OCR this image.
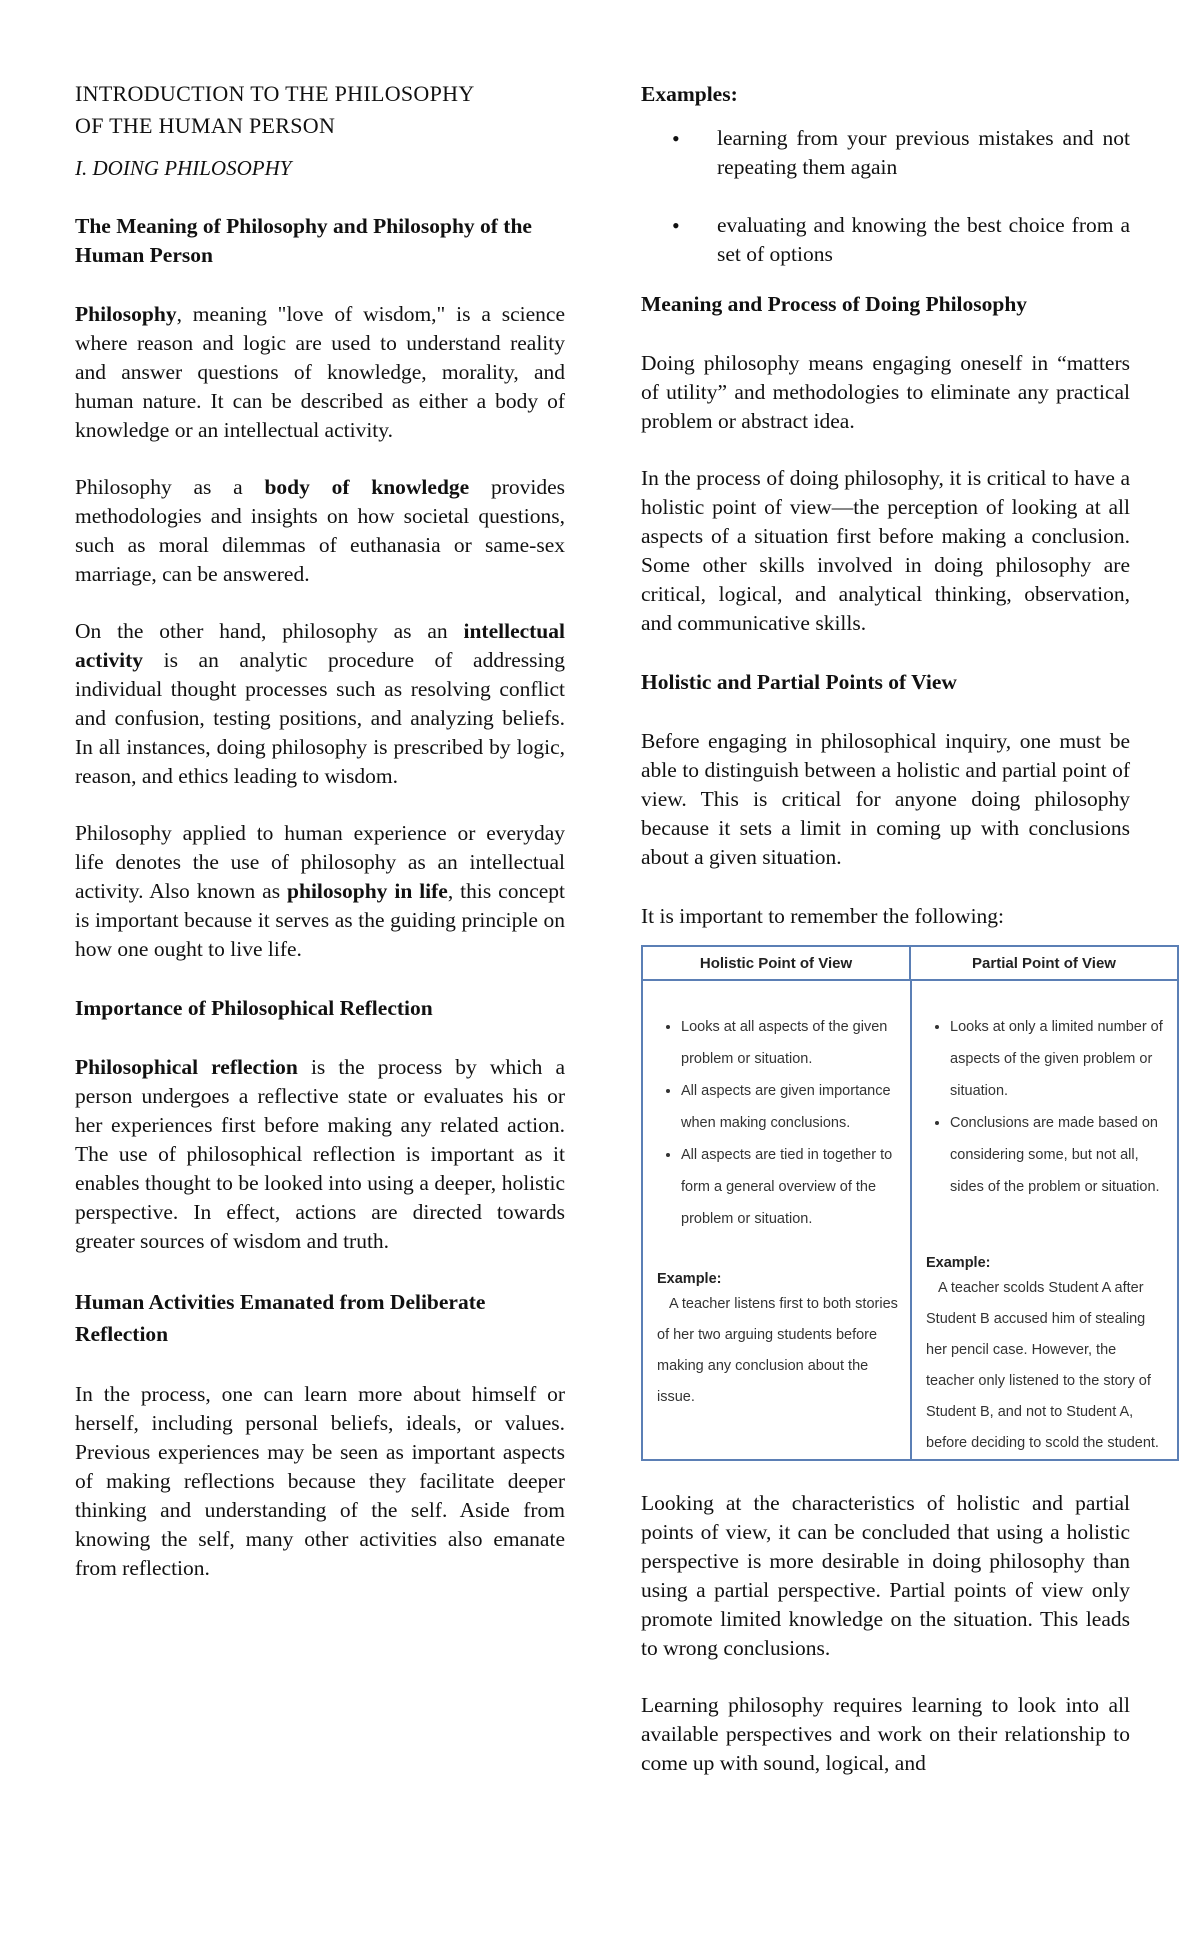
INTRODUCTION TO THE PHILOSOPHY
OF THE HUMAN PERSON
I. DOING PHILOSOPHY
The Meaning of Philosophy and Philosophy of the Human Person

Philosophy, meaning "love of wisdom," is a science where reason and logic are used to understand reality and answer questions of knowledge, morality, and human nature. It can be described as either a body of knowledge or an intellectual activity.

Philosophy as a body of knowledge provides methodologies and insights on how societal questions, such as moral dilemmas of euthanasia or same-sex marriage, can be answered.

On the other hand, philosophy as an intellectual activity is an analytic procedure of addressing individual thought processes such as resolving conflict and confusion, testing positions, and analyzing beliefs. In all instances, doing philosophy is prescribed by logic, reason, and ethics leading to wisdom.

Philosophy applied to human experience or everyday life denotes the use of philosophy as an intellectual activity. Also known as philosophy in life, this concept is important because it serves as the guiding principle on how one ought to live life.

Importance of Philosophical Reflection

Philosophical reflection is the process by which a person undergoes a reflective state or evaluates his or her experiences first before making any related action. The use of philosophical reflection is important as it enables thought to be looked into using a deeper, holistic perspective. In effect, actions are directed towards greater sources of wisdom and truth.

Human Activities Emanated from Deliberate Reflection

In the process, one can learn more about himself or herself, including personal beliefs, ideals, or values. Previous experiences may be seen as important aspects of making reflections because they facilitate deeper thinking and understanding of the self. Aside from knowing the self, many other activities also emanate from reflection.

Examples:
• learning from your previous mistakes and not repeating them again
• evaluating and knowing the best choice from a set of options
Meaning and Process of Doing Philosophy

Doing philosophy means engaging oneself in “matters of utility” and methodologies to eliminate any practical problem or abstract idea.

In the process of doing philosophy, it is critical to have a holistic point of view—the perception of looking at all aspects of a situation first before making a conclusion. Some other skills involved in doing philosophy are critical, logical, and analytical thinking, observation, and communicative skills.

Holistic and Partial Points of View

Before engaging in philosophical inquiry, one must be able to distinguish between a holistic and partial point of view. This is critical for anyone doing philosophy because it sets a limit in coming up with conclusions about a given situation.

It is important to remember the following:

Holistic Point of View	Partial Point of View
• Looks at all aspects of the given problem or situation.
• All aspects are given importance when making conclusions.
• All aspects are tied in together to form a general overview of the problem or situation.
Example:
A teacher listens first to both stories of her two arguing students before making any conclusion about the issue.
• Looks at only a limited number of aspects of the given problem or situation.
• Conclusions are made based on considering some, but not all, sides of the problem or situation.
Example:
A teacher scolds Student A after Student B accused him of stealing her pencil case. However, the teacher only listened to the story of Student B, and not to Student A, before deciding to scold the student.

Looking at the characteristics of holistic and partial points of view, it can be concluded that using a holistic perspective is more desirable in doing philosophy than using a partial perspective. Partial points of view only promote limited knowledge on the situation. This leads to wrong conclusions.

Learning philosophy requires learning to look into all available perspectives and work on their relationship to come up with sound, logical, and
